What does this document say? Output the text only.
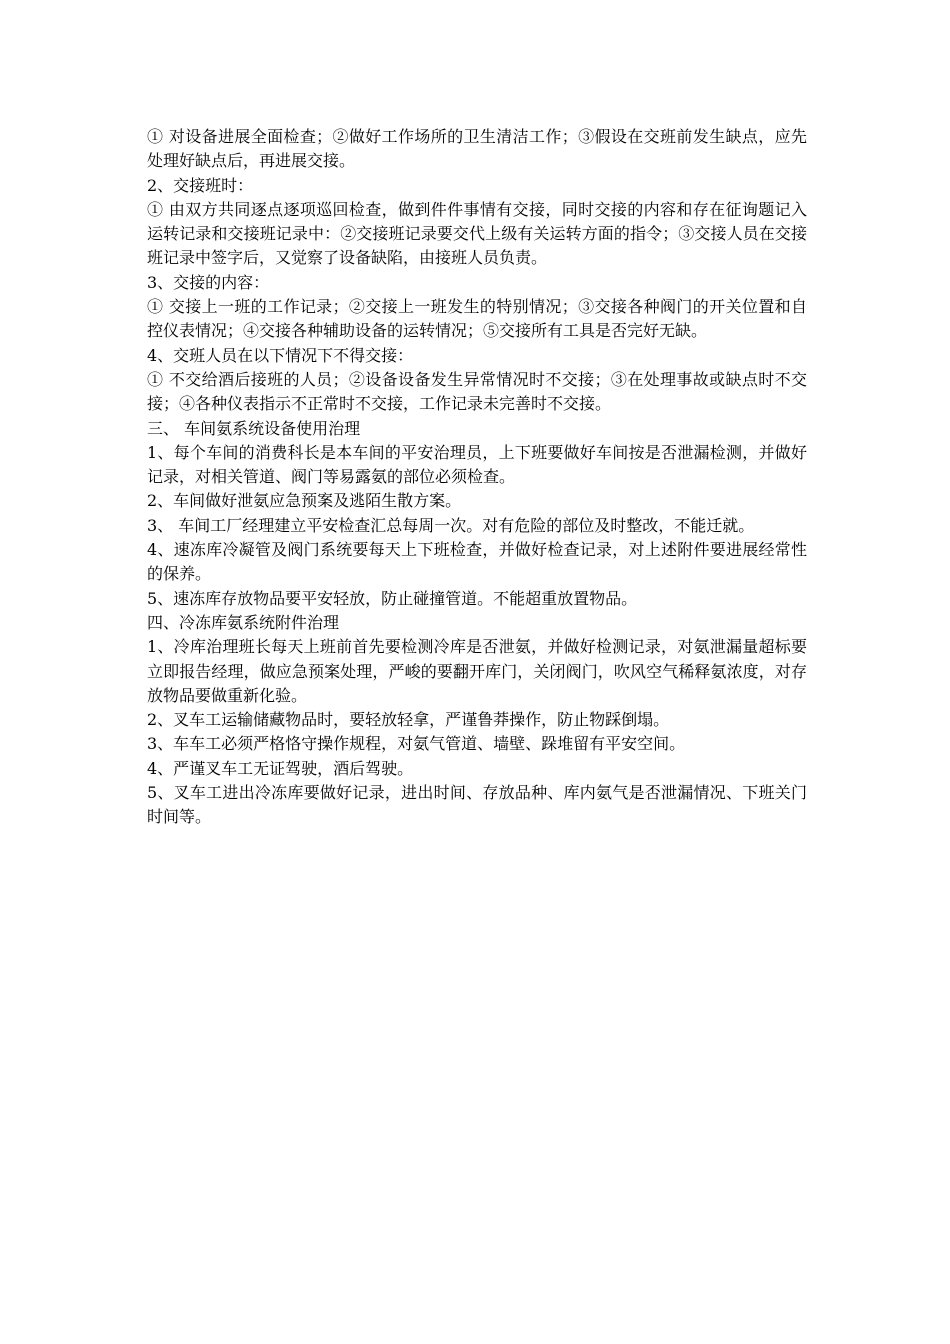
① 对设备进展全面检查；②做好工作场所的卫生清洁工作；③假设在交班前发生缺点，应先处理好缺点后，再进展交接。

2、交接班时：

① 由双方共同逐点逐项巡回检查，做到件件事情有交接，同时交接的内容和存在征询题记入运转记录和交接班记录中：②交接班记录要交代上级有关运转方面的指令；③交接人员在交接班记录中签字后，又觉察了设备缺陷，由接班人员负责。

3、交接的内容：

① 交接上一班的工作记录；②交接上一班发生的特别情况；③交接各种阀门的开关位置和自控仪表情况；④交接各种辅助设备的运转情况；⑤交接所有工具是否完好无缺。

4、交班人员在以下情况下不得交接：

① 不交给酒后接班的人员；②设备设备发生异常情况时不交接；③在处理事故或缺点时不交接；④各种仪表指示不正常时不交接，工作记录未完善时不交接。

三、 车间氨系统设备使用治理

1、每个车间的消费科长是本车间的平安治理员，上下班要做好车间按是否泄漏检测，并做好记录，对相关管道、阀门等易露氨的部位必须检查。

2、车间做好泄氨应急预案及逃陌生散方案。

3、 车间工厂经理建立平安检查汇总每周一次。对有危险的部位及时整改，不能迁就。

4、速冻库冷凝管及阀门系统要每天上下班检查，并做好检查记录，对上述附件要进展经常性的保养。

5、速冻库存放物品要平安轻放，防止碰撞管道。不能超重放置物品。

四、冷冻库氨系统附件治理

1、冷库治理班长每天上班前首先要检测冷库是否泄氨，并做好检测记录，对氨泄漏量超标要立即报告经理，做应急预案处理，严峻的要翻开库门，关闭阀门，吹风空气稀释氨浓度，对存放物品要做重新化验。

2、叉车工运输储藏物品时，要轻放轻拿，严谨鲁莽操作，防止物踩倒塌。

3、车车工必须严格恪守操作规程，对氨气管道、墙壁、跺堆留有平安空间。

4、严谨叉车工无证驾驶，酒后驾驶。

5、叉车工进出冷冻库要做好记录，进出时间、存放品种、库内氨气是否泄漏情况、下班关门时间等。
